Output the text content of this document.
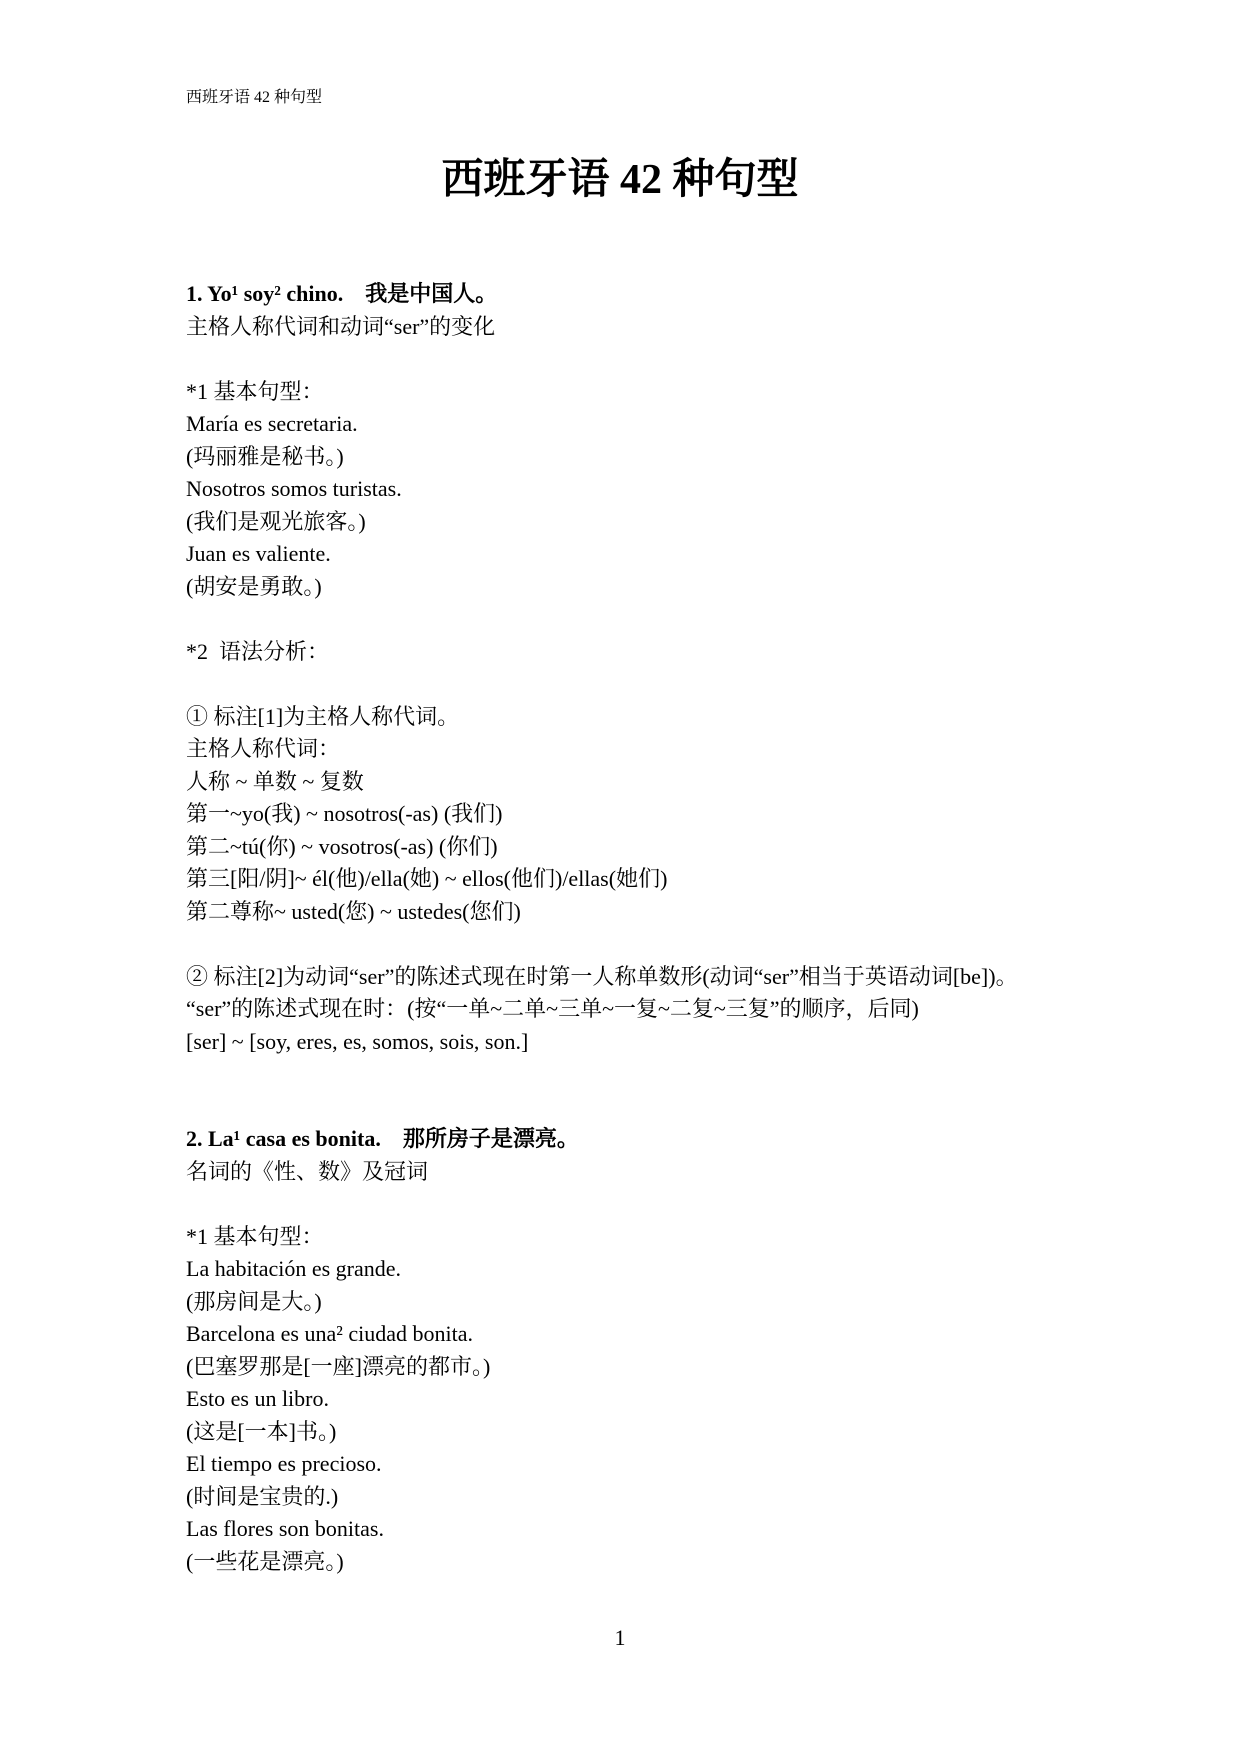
西班牙语 42 种句型
西班牙语 42 种句型
1. Yo¹ soy² chino.　我是中国人。
主格人称代词和动词“ser”的变化

*1 基本句型：
María es secretaria.
(玛丽雅是秘书。)
Nosotros somos turistas.
(我们是观光旅客。)
Juan es valiente.
(胡安是勇敢。)

*2  语法分析：

① 标注[1]为主格人称代词。
主格人称代词：
人称 ~ 单数 ~ 复数
第一~yo(我) ~ nosotros(-as) (我们)
第二~tú(你) ~ vosotros(-as) (你们)
第三[阳/阴]~ él(他)/ella(她) ~ ellos(他们)/ellas(她们)
第二尊称~ usted(您) ~ ustedes(您们)

② 标注[2]为动词“ser”的陈述式现在时第一人称单数形(动词“ser”相当于英语动词[be])。
“ser”的陈述式现在时：(按“一单~二单~三单~一复~二复~三复”的顺序，后同)
[ser] ~ [soy, eres, es, somos, sois, son.]

2. La¹ casa es bonita.　那所房子是漂亮。
名词的《性、数》及冠词

*1 基本句型：
La habitación es grande.
(那房间是大。)
Barcelona es una² ciudad bonita.
(巴塞罗那是[一座]漂亮的都市。)
Esto es un libro.
(这是[一本]书。)
El tiempo es precioso.
(时间是宝贵的.)
Las flores son bonitas.
(一些花是漂亮。)
1
